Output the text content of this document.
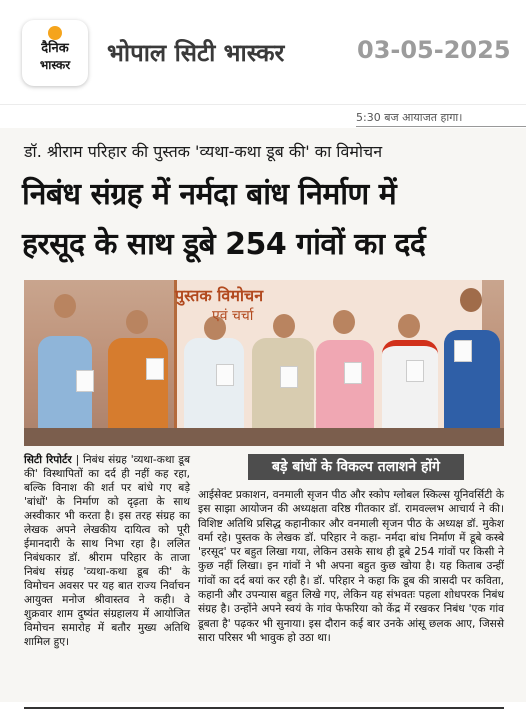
दैनिक
भास्कर	भोपाल सिटी भास्कर	03-05-2025
5:30 बज आयाजत हागा।
डॉ. श्रीराम परिहार की पुस्तक 'व्यथा-कथा डूब की' का विमोचन
निबंध संग्रह में नर्मदा बांध निर्माण में
हरसूद के साथ डूबे 254 गांवों का दर्द
पुस्तक विमोचन
एवं चर्चा
सिटी रिपोर्टर | निबंध संग्रह 'व्यथा-कथा डूब की' विस्थापितों का दर्द ही नहीं कह रहा, बल्कि विनाश की शर्त पर बांधे गए बड़े 'बांधों' के निर्माण को दृढ़ता के साथ अस्वीकार भी करता है। इस तरह संग्रह का लेखक अपने लेखकीय दायित्व को पूरी ईमानदारी के साथ निभा रहा है। ललित निबंधकार डॉ. श्रीराम परिहार के ताजा निबंध संग्रह 'व्यथा-कथा डूब की' के विमोचन अवसर पर यह बात राज्य निर्वाचन आयुक्त मनोज श्रीवास्तव ने कही। वे शुक्रवार शाम दुष्यंत संग्रहालय में आयोजित विमोचन समारोह में बतौर मुख्य अतिथि शामिल हुए।
बड़े बांधों के विकल्प तलाशने होंगे
आईसेक्ट प्रकाशन, वनमाली सृजन पीठ और स्कोप ग्लोबल स्किल्स यूनिवर्सिटी के इस साझा आयोजन की अध्यक्षता वरिष्ठ गीतकार डॉ. रामवल्लभ आचार्य ने की। विशिष्ट अतिथि प्रसिद्ध कहानीकार और वनमाली सृजन पीठ के अध्यक्ष डॉ. मुकेश वर्मा रहे। पुस्तक के लेखक डॉ. परिहार ने कहा- नर्मदा बांध निर्माण में डूबे कस्बे 'हरसूद' पर बहुत लिखा गया, लेकिन उसके साथ ही डूबे 254 गांवों पर किसी ने कुछ नहीं लिखा। इन गांवों ने भी अपना बहुत कुछ खोया है। यह किताब उन्हीं गांवों का दर्द बयां कर रही है। डॉ. परिहार ने कहा कि डूब की त्रासदी पर कविता, कहानी और उपन्यास बहुत लिखे गए, लेकिन यह संभवतः पहला शोधपरक निबंध संग्रह है। उन्होंने अपने स्वयं के गांव फेफरिया को केंद्र में रखकर निबंध 'एक गांव डूबता है' पढ़कर भी सुनाया। इस दौरान कई बार उनके आंसू छलक आए, जिससे सारा परिसर भी भावुक हो उठा था।
